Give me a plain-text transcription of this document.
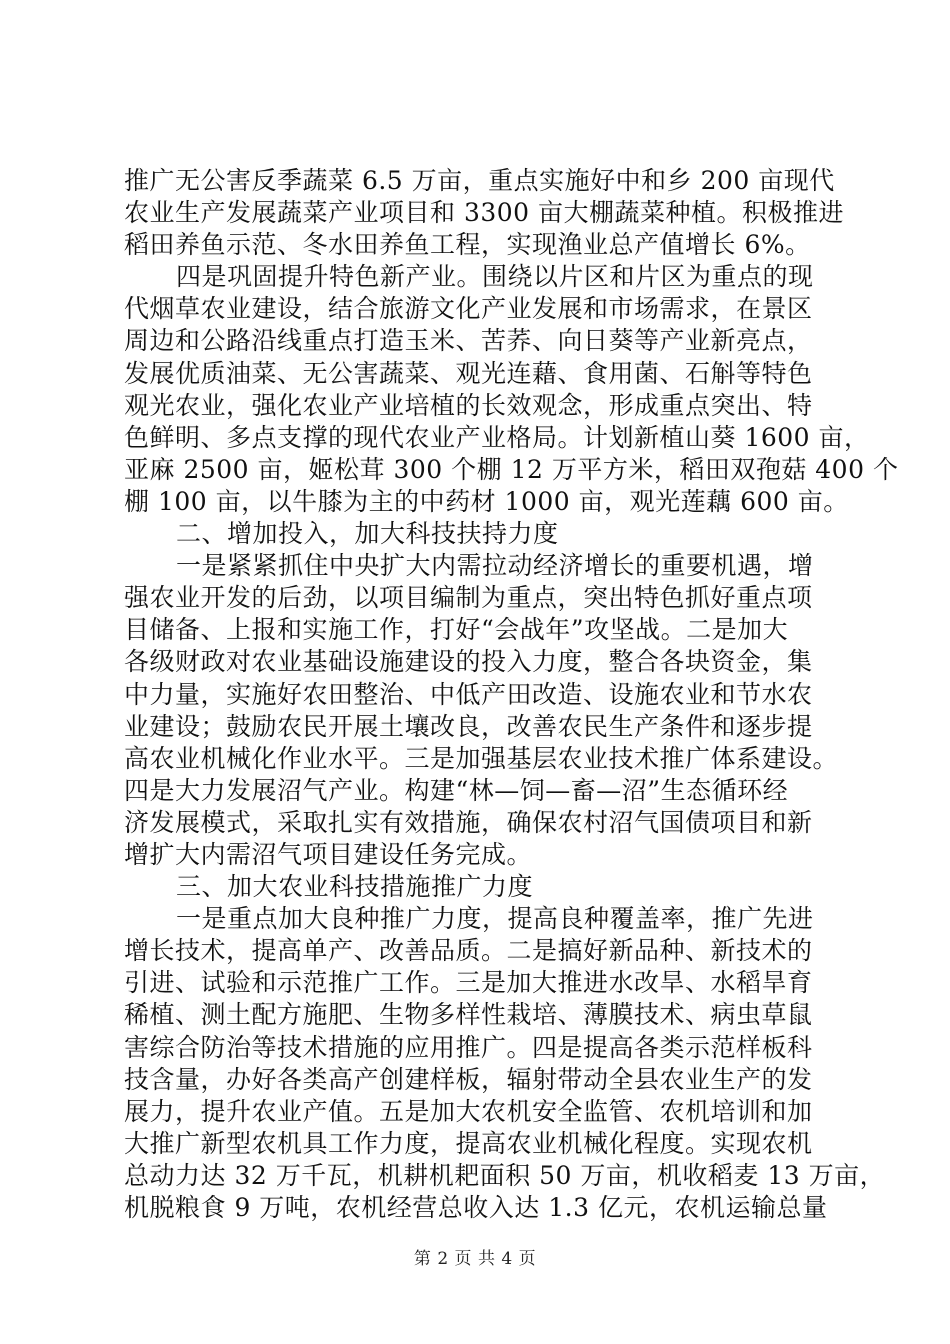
推广无公害反季蔬菜 6.5 万亩，重点实施好中和乡 200 亩现代
农业生产发展蔬菜产业项目和 3300 亩大棚蔬菜种植。积极推进
稻田养鱼示范、冬水田养鱼工程，实现渔业总产值增长 6%。
四是巩固提升特色新产业。围绕以片区和片区为重点的现
代烟草农业建设，结合旅游文化产业发展和市场需求，在景区
周边和公路沿线重点打造玉米、苦荞、向日葵等产业新亮点，
发展优质油菜、无公害蔬菜、观光连藉、食用菌、石斛等特色
观光农业，强化农业产业培植的长效观念，形成重点突出、特
色鲜明、多点支撑的现代农业产业格局。计划新植山葵 1600 亩，
亚麻 2500 亩，姬松茸 300 个棚 12 万平方米，稻田双孢菇 400 个
棚 100 亩，以牛膝为主的中药材 1000 亩，观光莲藕 600 亩。
二、增加投入，加大科技扶持力度
一是紧紧抓住中央扩大内需拉动经济增长的重要机遇，增
强农业开发的后劲，以项目编制为重点，突出特色抓好重点项
目储备、上报和实施工作，打好“会战年”攻坚战。二是加大
各级财政对农业基础设施建设的投入力度，整合各块资金，集
中力量，实施好农田整治、中低产田改造、设施农业和节水农
业建设；鼓励农民开展土壤改良，改善农民生产条件和逐步提
高农业机械化作业水平。三是加强基层农业技术推广体系建设。
四是大力发展沼气产业。构建“林—饲—畜—沼”生态循环经
济发展模式，采取扎实有效措施，确保农村沼气国债项目和新
增扩大内需沼气项目建设任务完成。
三、加大农业科技措施推广力度
一是重点加大良种推广力度，提高良种覆盖率，推广先进
增长技术，提高单产、改善品质。二是搞好新品种、新技术的
引进、试验和示范推广工作。三是加大推进水改旱、水稻旱育
稀植、测土配方施肥、生物多样性栽培、薄膜技术、病虫草鼠
害综合防治等技术措施的应用推广。四是提高各类示范样板科
技含量，办好各类高产创建样板，辐射带动全县农业生产的发
展力，提升农业产值。五是加大农机安全监管、农机培训和加
大推广新型农机具工作力度，提高农业机械化程度。实现农机
总动力达 32 万千瓦，机耕机耙面积 50 万亩，机收稻麦 13 万亩，
机脱粮食 9 万吨，农机经营总收入达 1.3 亿元，农机运输总量
第 2 页 共 4 页
